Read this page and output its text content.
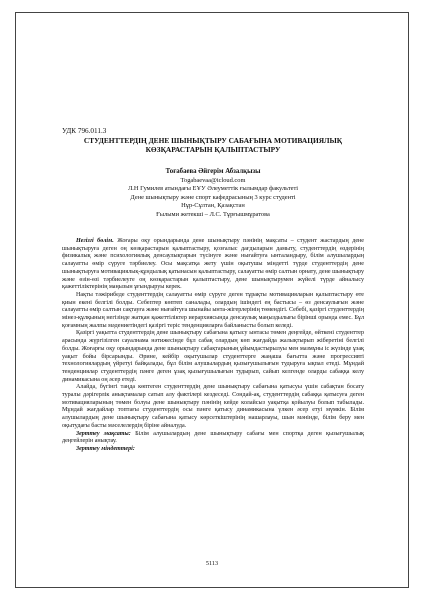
УДК 796.011.3
СТУДЕНТТЕРДІҢ ДЕНЕ ШЫНЫҚТЫРУ САБАҒЫНА МОТИВАЦИЯЛЫҚ
КӨЗҚАРАСТАРЫН ҚАЛЫПТАСТЫРУ
Тоғабаева Әйгерім Абзалқызы
Togabaevaa@icloud.com
Л.Н Гумилев атындағы ЕҰУ Әлеуметтік ғылымдар факультеті
Дене шынықтыру және спорт кафедрасының 3 курс студенті
Нұр-Сұлтан, Қазақстан
Ғылыми жетекші – Л.С. Тұрғышмұратова

Негізгі бөлім. Жоғары оқу орындарында дене шынықтыру пәнінің мақсаты – студент жастардың дене шынықтыруға деген оң көзқарастарын қалыптастыру, қозғалыс дағдыларын дамыту, студенттердің өздерінің физикалық және психологиялық денсаулықтарын түсінуге және нығайтуға ынталандыру, білім алушылардың салауатты өмір сүруге тәрбиелеу. Осы мақсатқа жету үшін оқытушы міндетті түрде студенттердің дене шынықтыруға мотивациялық-құндылық қатынасын қалыптастыру, салауатты өмір салтын орнату, дене шынықтыру және өзін-өзі тәрбиелеуге оң көзқарастарын қалыптастыру, дене шынықтырумен жүйелі түрде айналысу қажеттіліктерінің маңызын ұғындыруы керек.

Нақты тәжірибеде студенттердің салауатты өмір сүруге деген тұрақты мотивацияларын қалыптастыру өте қиын екені белгілі болды. Себептер көптеп саналады, олардың ішіндегі ең бастысы – өз денсаулығын және салауатты өмір салтын сақтауға және нығайтуға шынайы ынта-жігерлерінің төмендігі. Себебі, қазіргі студенттердің мінез-құлқының негізінде жатқан қажеттіліктер иерархиясында денсаулық маңыздылығы бірінші орында емес. Бұл қоғамның жалпы мәдениетіндегі қазіргі теріс тенденцияларға байланысты болып келеді.

Қазіргі уақытта студенттердің дене шынықтыру сабағына қатысу ынтасы төмен деңгейде, өйткені студенттер арасында жүргізілген сауалнама нәтижесінде бұл сабақ олардың көп жағдайда жалықтырып жіберетіні белгілі болды. Жоғарғы оқу орындарында дене шынықтыру сабақтарының ұйымдастырылуы мен мазмұны іс жүзінде ұзақ уақыт бойы бірсарынды. Әрине, кейбір оқытушылар студенттерге жаңаша бағытта және прогрессивті технологиялардың үйретуі байқалады, бұл білім алушылардың қызығушылығын тудыруға ықпал етеді. Мұндай тенденциялар студенттердің пәнге деген ұзақ қызығушылығын тудырып, сайып келгенде оларды сабаққа келу динамикасына оң әсер етеді.

Алайда, бүгінгі таңда көптеген студенттердің дене шынықтыру сабағына қатысуы үшін сабақтан босату туралы дәрігерлік анықтамалар сатып алу фактілері кездеседі. Сондай-ақ, студенттердің сабаққа қатысуға деген мотивацияларының төмен болуы дене шынықтыру пәнінің кейде колайсыз уақытқа қойылуы болып табылады. Мұндай жағдайлар топтағы студенттердің осы пәнге қатысу динамикасына үлкен әсер етуі мүмкін. Білім алушылардың дене шынықтыру сабағына қатысу көрсеткіштерінің нашарлауы, шын мәнінде, білім беру мен оқытудағы басты мәселелердің біріне айналуда.

Зерттеу мақсаты: Білім алушылардың дене шынықтыру сабағы мен спортқа деген қызығушылық деңгейлерін анықтау.

Зерттеу міндеттері:

5113
